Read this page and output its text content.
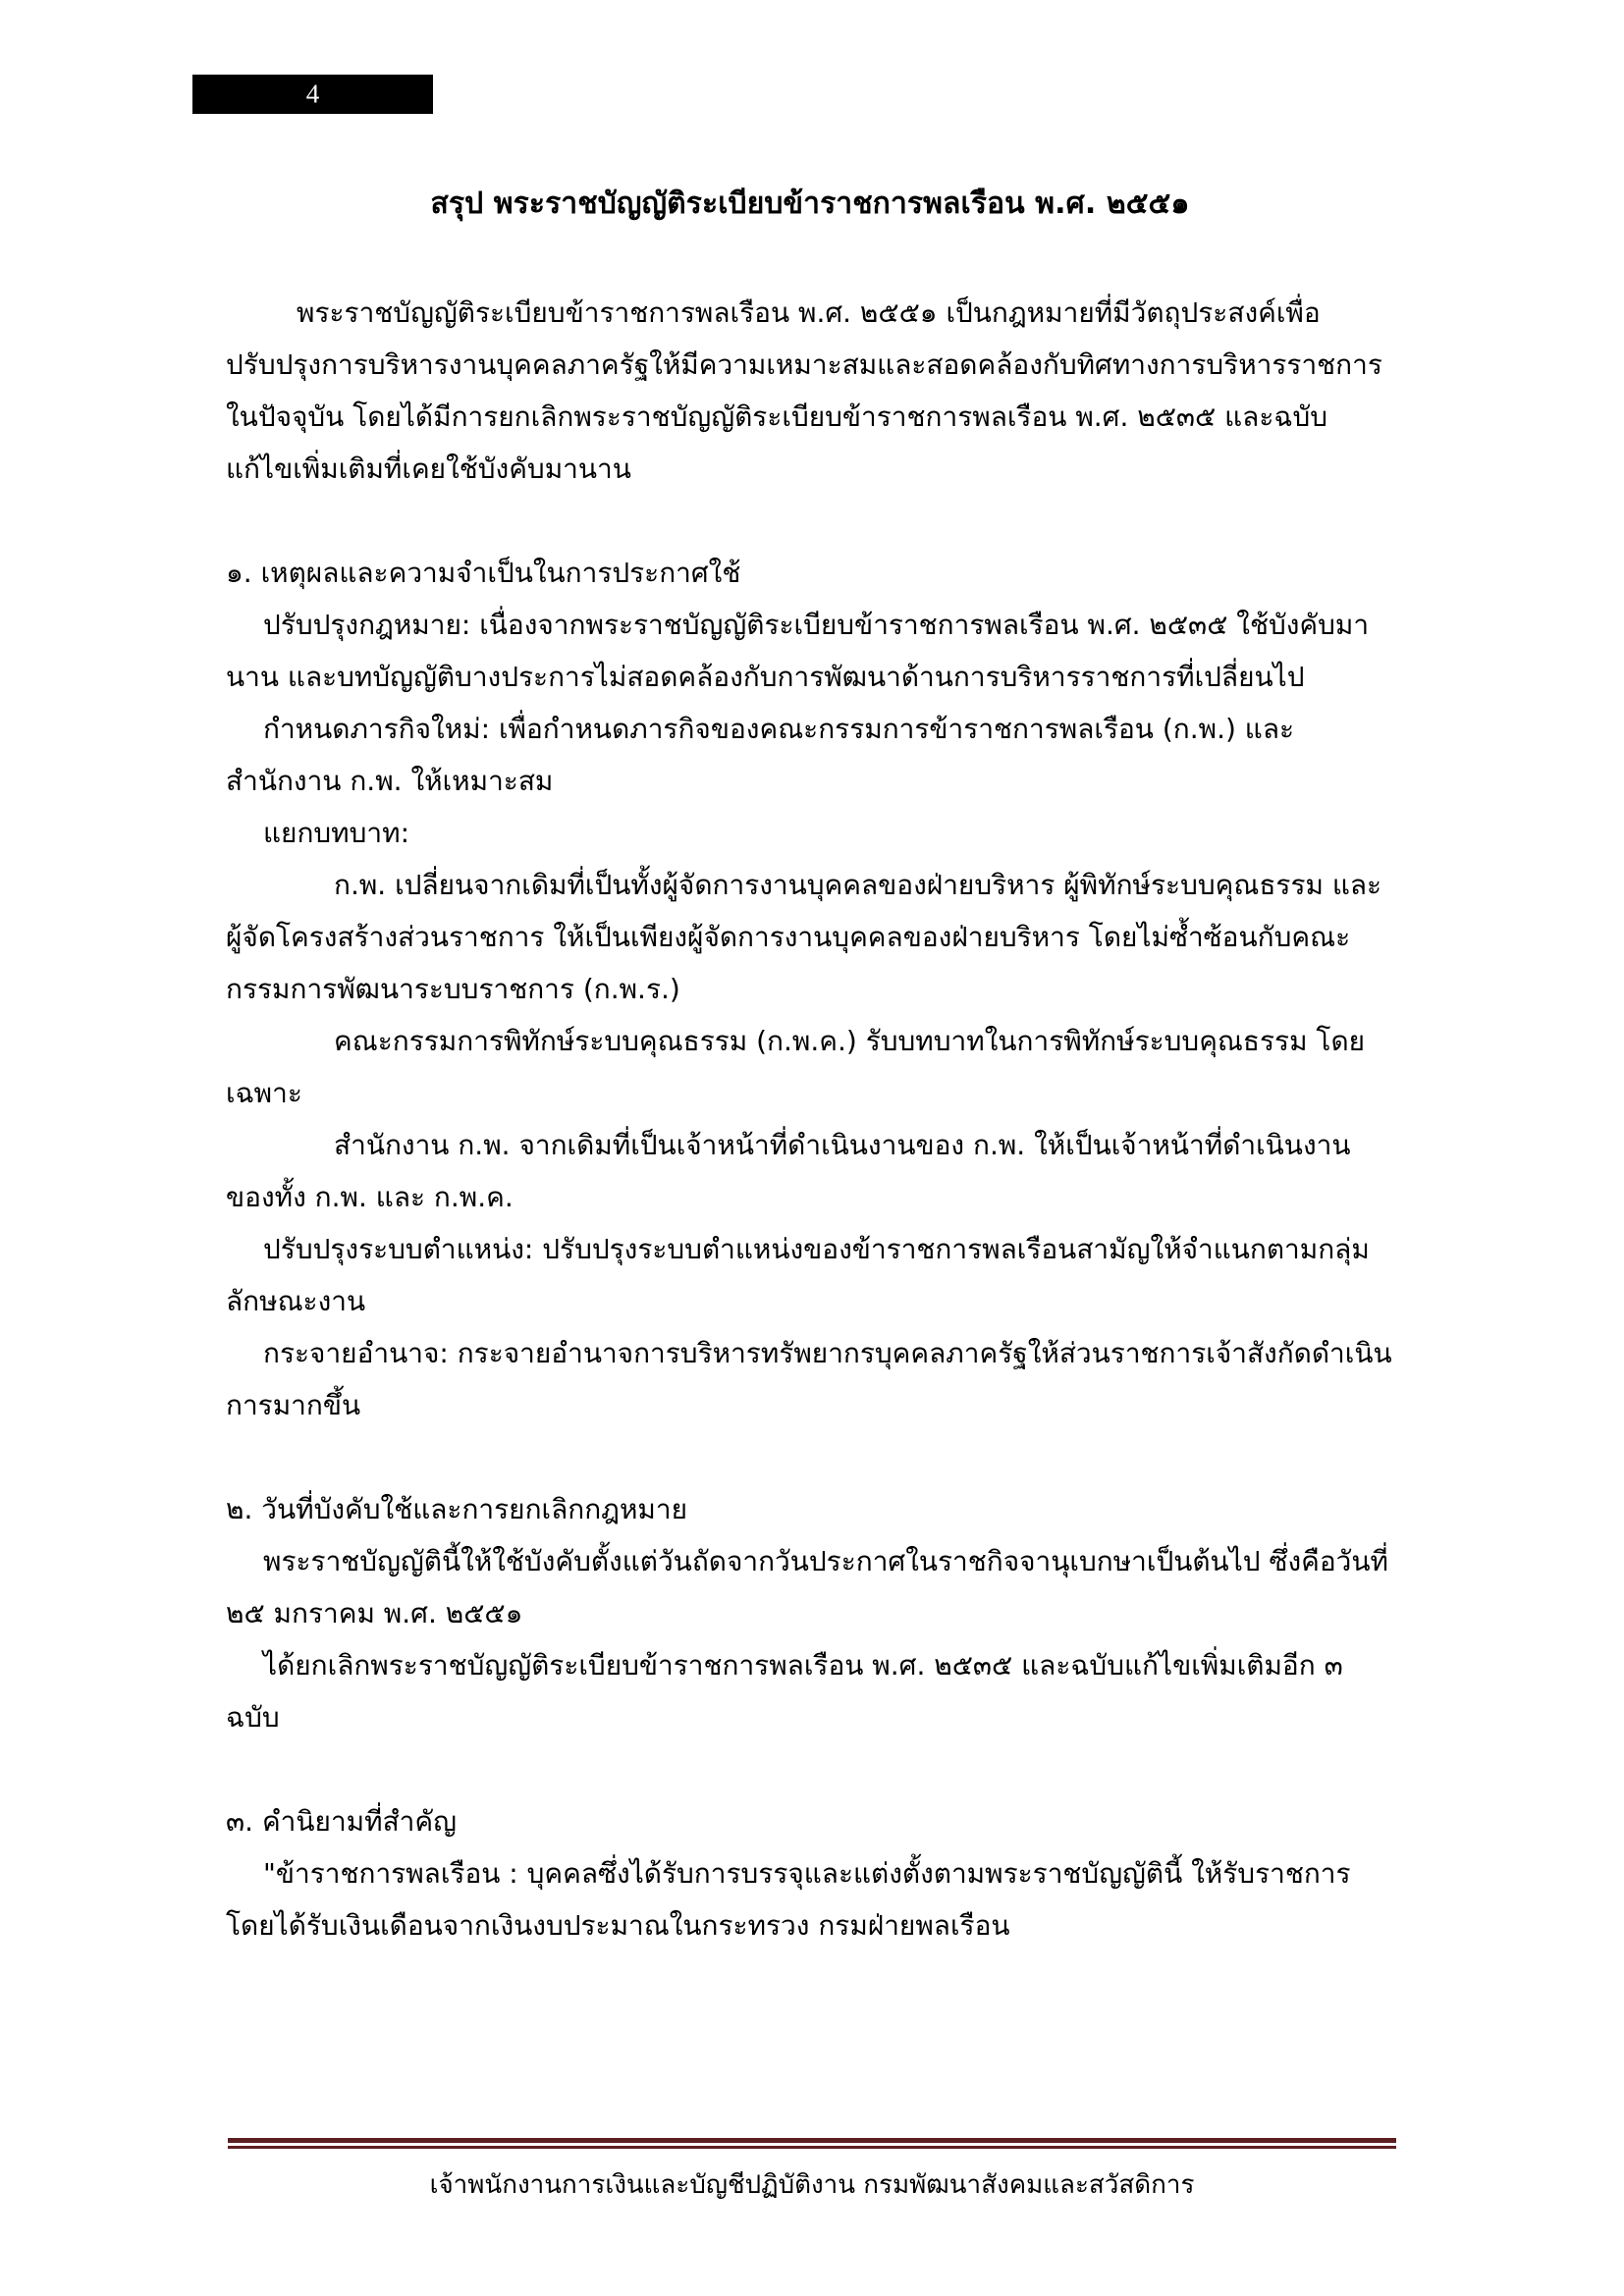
4
สรุป พระราชบัญญัติระเบียบข้าราชการพลเรือน พ.ศ. ๒๕๕๑

พระราชบัญญัติระเบียบข้าราชการพลเรือน พ.ศ. ๒๕๕๑ เป็นกฎหมายที่มีวัตถุประสงค์เพื่อปรับปรุงการบริหารงานบุคคลภาครัฐให้มีความเหมาะสมและสอดคล้องกับทิศทางการบริหารราชการในปัจจุบัน โดยได้มีการยกเลิกพระราชบัญญัติระเบียบข้าราชการพลเรือน พ.ศ. ๒๕๓๕ และฉบับแก้ไขเพิ่มเติมที่เคยใช้บังคับมานาน

๑. เหตุผลและความจำเป็นในการประกาศใช้

ปรับปรุงกฎหมาย: เนื่องจากพระราชบัญญัติระเบียบข้าราชการพลเรือน พ.ศ. ๒๕๓๕ ใช้บังคับมานาน และบทบัญญัติบางประการไม่สอดคล้องกับการพัฒนาด้านการบริหารราชการที่เปลี่ยนไป

กำหนดภารกิจใหม่: เพื่อกำหนดภารกิจของคณะกรรมการข้าราชการพลเรือน (ก.พ.) และสำนักงาน ก.พ. ให้เหมาะสม

แยกบทบาท:

ก.พ. เปลี่ยนจากเดิมที่เป็นทั้งผู้จัดการงานบุคคลของฝ่ายบริหาร ผู้พิทักษ์ระบบคุณธรรม และผู้จัดโครงสร้างส่วนราชการ ให้เป็นเพียงผู้จัดการงานบุคคลของฝ่ายบริหาร โดยไม่ซ้ำซ้อนกับคณะกรรมการพัฒนาระบบราชการ (ก.พ.ร.)

คณะกรรมการพิทักษ์ระบบคุณธรรม (ก.พ.ค.) รับบทบาทในการพิทักษ์ระบบคุณธรรม โดยเฉพาะ

สำนักงาน ก.พ. จากเดิมที่เป็นเจ้าหน้าที่ดำเนินงานของ ก.พ. ให้เป็นเจ้าหน้าที่ดำเนินงานของทั้ง ก.พ. และ ก.พ.ค.

ปรับปรุงระบบตำแหน่ง: ปรับปรุงระบบตำแหน่งของข้าราชการพลเรือนสามัญให้จำแนกตามกลุ่มลักษณะงาน

กระจายอำนาจ: กระจายอำนาจการบริหารทรัพยากรบุคคลภาครัฐให้ส่วนราชการเจ้าสังกัดดำเนินการมากขึ้น

๒. วันที่บังคับใช้และการยกเลิกกฎหมาย

พระราชบัญญัตินี้ให้ใช้บังคับตั้งแต่วันถัดจากวันประกาศในราชกิจจานุเบกษาเป็นต้นไป ซึ่งคือวันที่ ๒๕ มกราคม พ.ศ. ๒๕๕๑

ได้ยกเลิกพระราชบัญญัติระเบียบข้าราชการพลเรือน พ.ศ. ๒๕๓๕ และฉบับแก้ไขเพิ่มเติมอีก ๓ ฉบับ

๓. คำนิยามที่สำคัญ

"ข้าราชการพลเรือน : บุคคลซึ่งได้รับการบรรจุและแต่งตั้งตามพระราชบัญญัตินี้ ให้รับราชการโดยได้รับเงินเดือนจากเงินงบประมาณในกระทรวง กรมฝ่ายพลเรือน

เจ้าพนักงานการเงินและบัญชีปฏิบัติงาน กรมพัฒนาสังคมและสวัสดิการ
